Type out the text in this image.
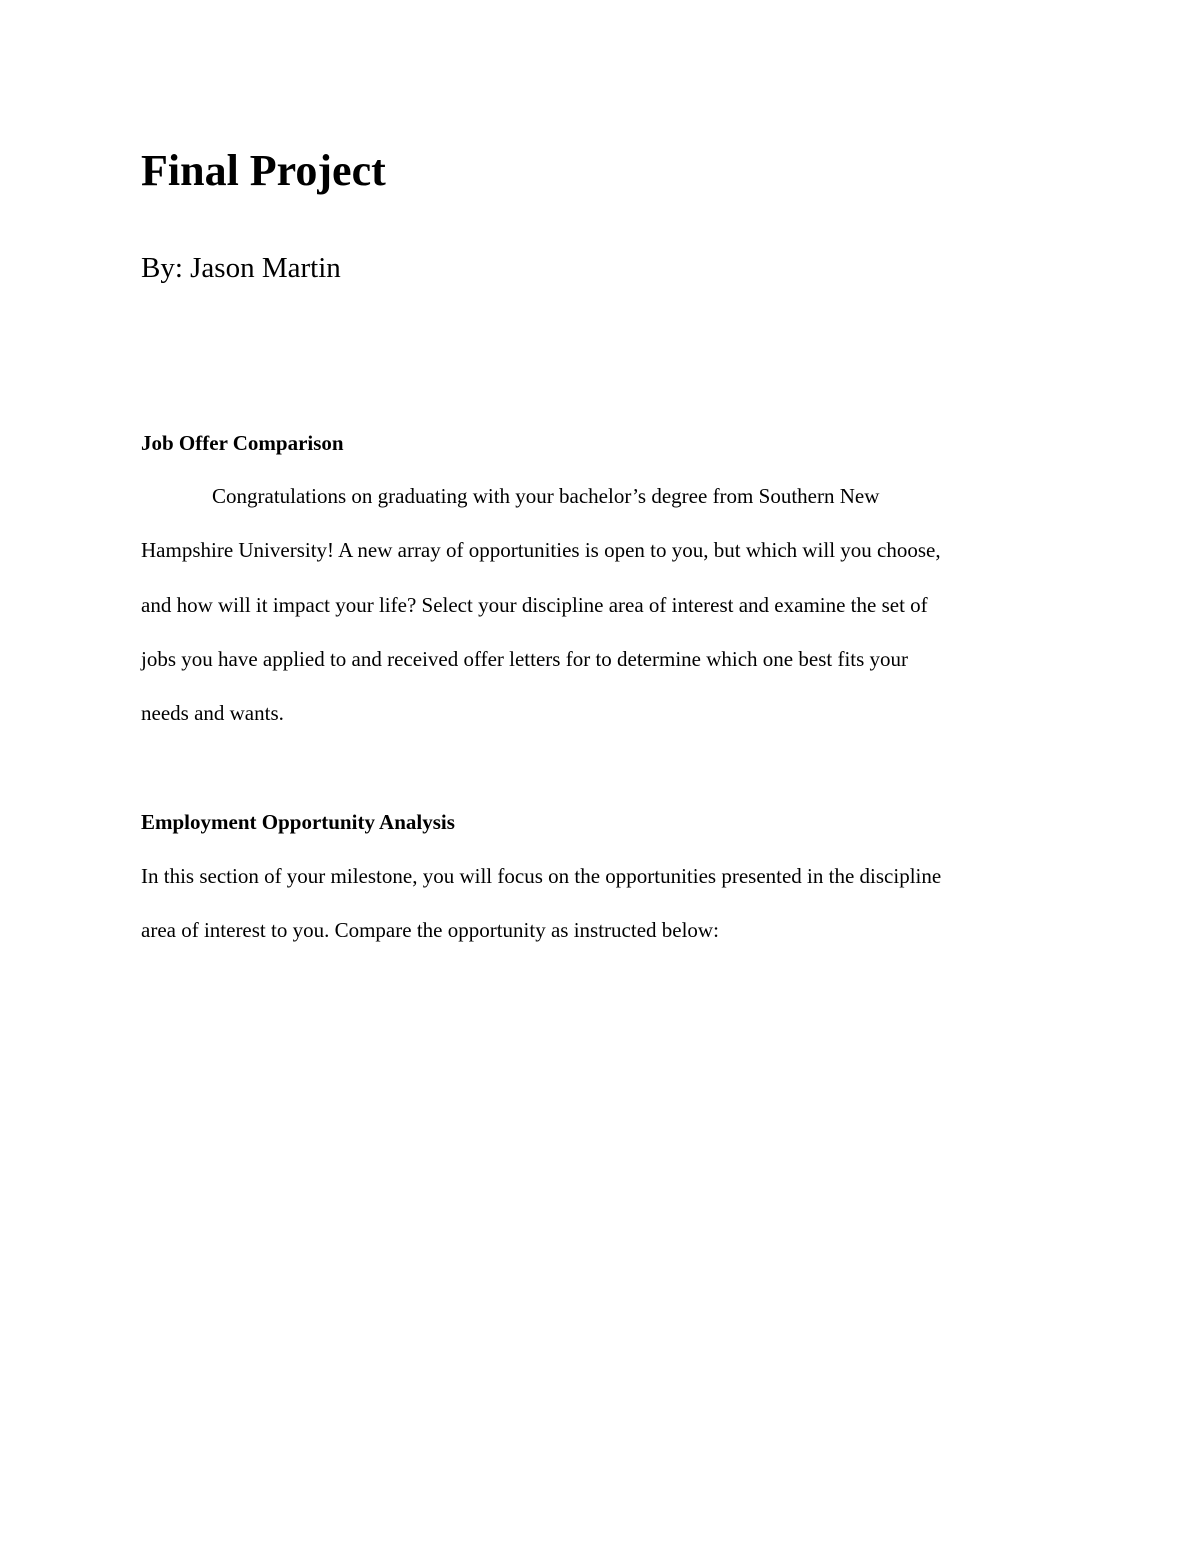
Final Project

By: Jason Martin

Job Offer Comparison

Congratulations on graduating with your bachelor’s degree from Southern New
Hampshire University! A new array of opportunities is open to you, but which will you choose,
and how will it impact your life? Select your discipline area of interest and examine the set of
jobs you have applied to and received offer letters for to determine which one best fits your
needs and wants.

Employment Opportunity Analysis

In this section of your milestone, you will focus on the opportunities presented in the discipline
area of interest to you. Compare the opportunity as instructed below:
